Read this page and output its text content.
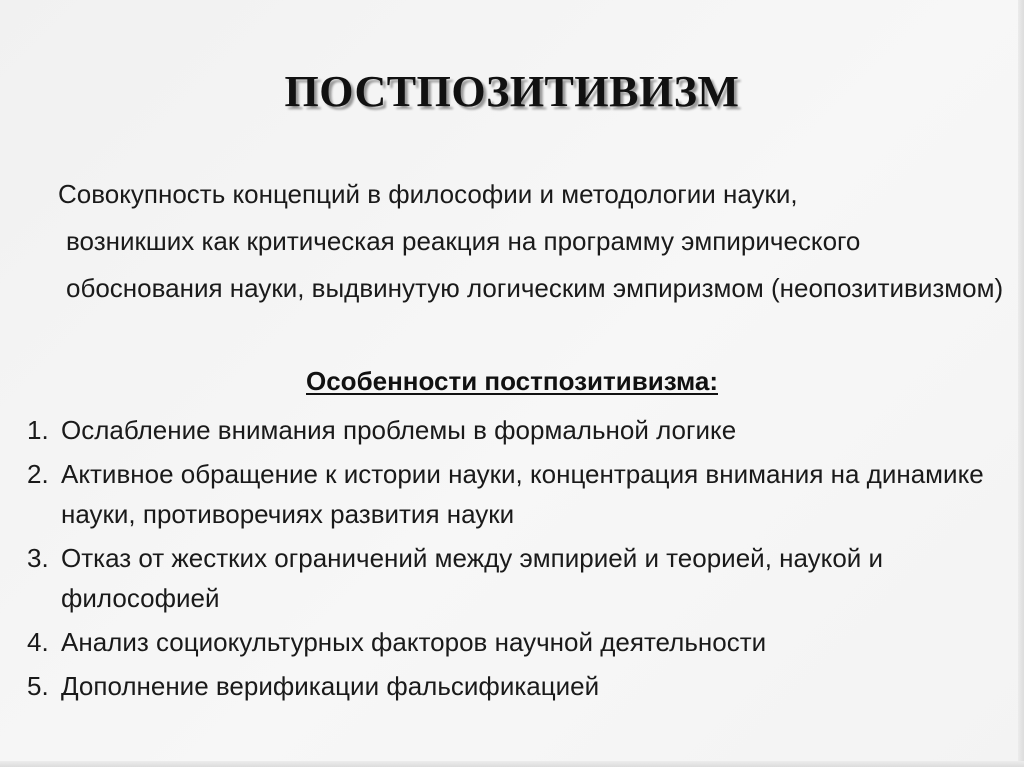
ПОСТПОЗИТИВИЗМ
Совокупность концепций в философии и методологии науки,
возникших как критическая реакция на программу эмпирического обоснования науки, выдвинутую логическим эмпиризмом (неопозитивизмом)
Особенности постпозитивизма:
1. Ослабление внимания проблемы в формальной логике
2. Активное обращение к истории науки, концентрация внимания на динамике науки, противоречиях развития науки
3. Отказ от жестких ограничений между эмпирией и теорией, наукой и философией
4. Анализ социокультурных факторов научной деятельности
5. Дополнение верификации фальсификацией
